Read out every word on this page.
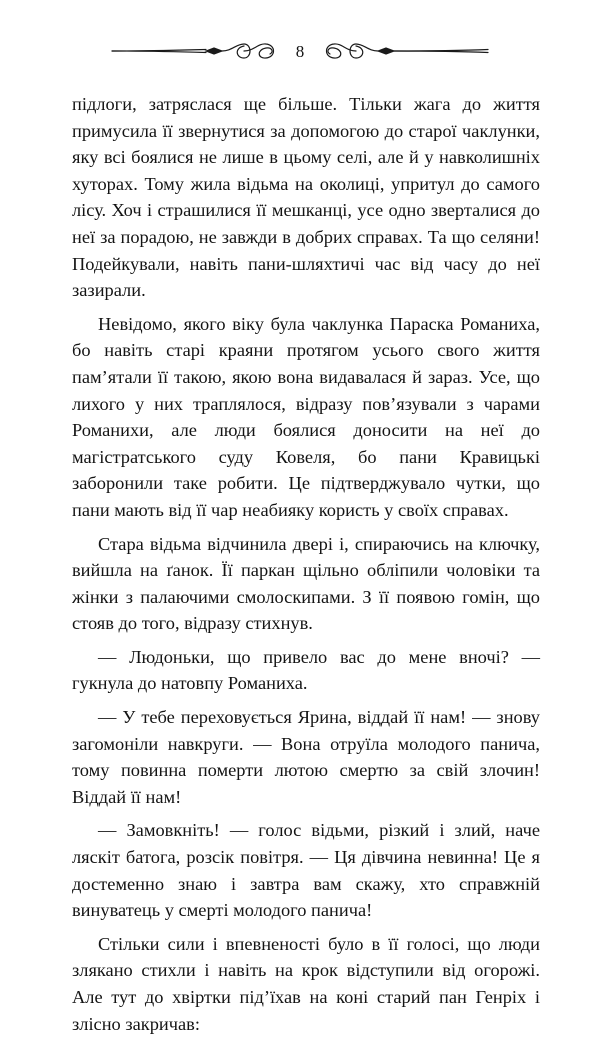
8

підлоги, затряслася ще більше. Тільки жага до життя примусила її звернутися за допомогою до старої чаклунки, яку всі боялися не лише в цьому селі, але й у навколишніх хуторах. Тому жила відьма на околиці, упритул до самого лісу. Хоч і страшилися її мешканці, усе одно зверталися до неї за порадою, не завжди в добрих справах. Та що селяни! Подейкували, навіть пани-шляхтичі час від часу до неї зазирали.

Невідомо, якого віку була чаклунка Параска Романиха, бо навіть старі краяни протягом усього свого життя пам’ятали її такою, якою вона видавалася й зараз. Усе, що лихого у них траплялося, відразу пов’язували з чарами Романихи, але люди боялися доносити на неї до магістратського суду Ковеля, бо пани Кравицькі заборонили таке робити. Це підтверджувало чутки, що пани мають від її чар неабияку користь у своїх справах.

Стара відьма відчинила двері і, спираючись на ключку, вийшла на ґанок. Її паркан щільно обліпили чоловіки та жінки з палаючими смолоскипами. З її появою гомін, що стояв до того, відразу стихнув.

— Людоньки, що привело вас до мене вночі? — гукнула до натовпу Романиха.

— У тебе переховується Ярина, віддай її нам! — знову загомоніли навкруги. — Вона отруїла молодого панича, тому повинна померти лютою смертю за свій злочин! Віддай її нам!

— Замовкніть! — голос відьми, різкий і злий, наче ляскіт батога, розсік повітря. — Ця дівчина невинна! Це я достеменно знаю і завтра вам скажу, хто справжній винуватець у смерті молодого панича!

Стільки сили і впевненості було в її голосі, що люди злякано стихли і навіть на крок відступили від огорожі. Але тут до хвіртки під’їхав на коні старий пан Генріх і злісно закричав:
